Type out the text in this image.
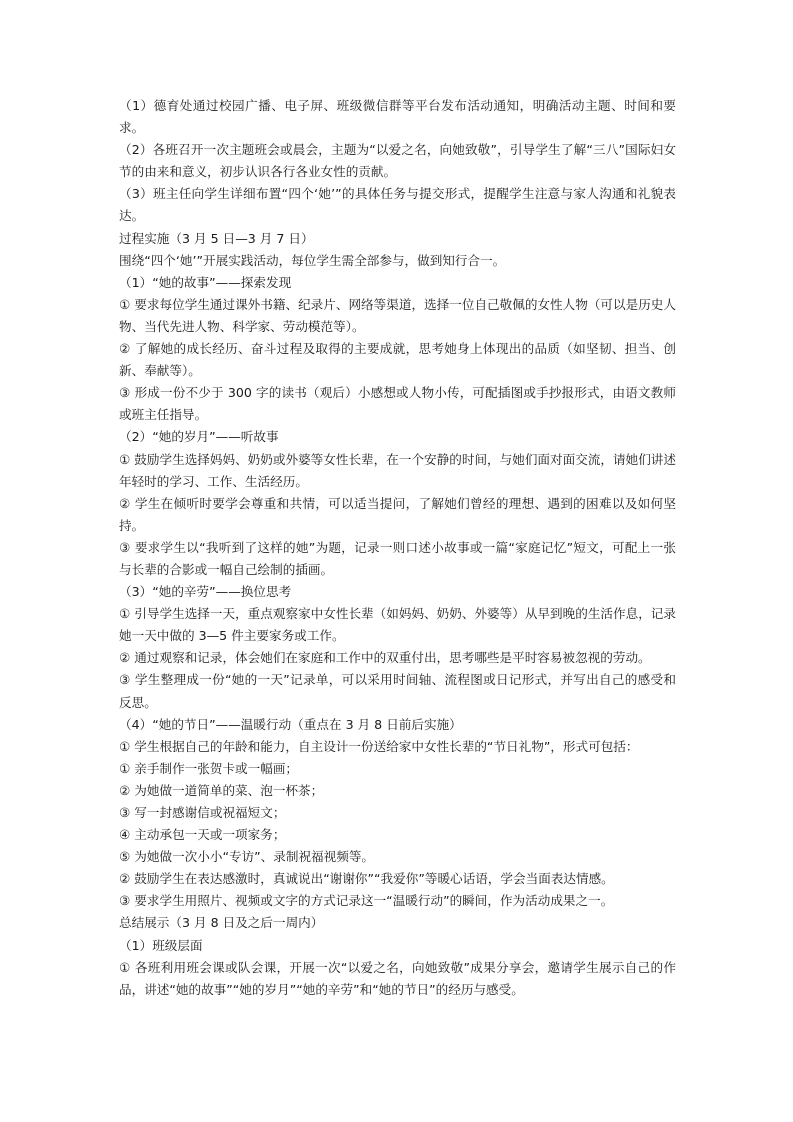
（1）德育处通过校园广播、电子屏、班级微信群等平台发布活动通知，明确活动主题、时间和要求。

（2）各班召开一次主题班会或晨会，主题为“以爱之名，向她致敬”，引导学生了解“三八”国际妇女节的由来和意义，初步认识各行各业女性的贡献。

（3）班主任向学生详细布置“四个‘她’”的具体任务与提交形式，提醒学生注意与家人沟通和礼貌表达。

过程实施（3 月 5 日—3 月 7 日）

围绕“四个‘她’”开展实践活动，每位学生需全部参与，做到知行合一。

（1）“她的故事”——探索发现

① 要求每位学生通过课外书籍、纪录片、网络等渠道，选择一位自己敬佩的女性人物（可以是历史人物、当代先进人物、科学家、劳动模范等）。

② 了解她的成长经历、奋斗过程及取得的主要成就，思考她身上体现出的品质（如坚韧、担当、创新、奉献等）。

③ 形成一份不少于 300 字的读书（观后）小感想或人物小传，可配插图或手抄报形式，由语文教师或班主任指导。

（2）“她的岁月”——听故事

① 鼓励学生选择妈妈、奶奶或外婆等女性长辈，在一个安静的时间，与她们面对面交流，请她们讲述年轻时的学习、工作、生活经历。

② 学生在倾听时要学会尊重和共情，可以适当提问，了解她们曾经的理想、遇到的困难以及如何坚持。

③ 要求学生以“我听到了这样的她”为题，记录一则口述小故事或一篇“家庭记忆”短文，可配上一张与长辈的合影或一幅自己绘制的插画。

（3）“她的辛劳”——换位思考

① 引导学生选择一天，重点观察家中女性长辈（如妈妈、奶奶、外婆等）从早到晚的生活作息，记录她一天中做的 3—5 件主要家务或工作。

② 通过观察和记录，体会她们在家庭和工作中的双重付出，思考哪些是平时容易被忽视的劳动。

③ 学生整理成一份“她的一天”记录单，可以采用时间轴、流程图或日记形式，并写出自己的感受和反思。

（4）“她的节日”——温暖行动（重点在 3 月 8 日前后实施）

① 学生根据自己的年龄和能力，自主设计一份送给家中女性长辈的“节日礼物”，形式可包括：

① 亲手制作一张贺卡或一幅画；

② 为她做一道简单的菜、泡一杯茶；

③ 写一封感谢信或祝福短文；

④ 主动承包一天或一项家务；

⑤ 为她做一次小小“专访”、录制祝福视频等。

② 鼓励学生在表达感激时，真诚说出“谢谢你”“我爱你”等暖心话语，学会当面表达情感。

③ 要求学生用照片、视频或文字的方式记录这一“温暖行动”的瞬间，作为活动成果之一。

总结展示（3 月 8 日及之后一周内）

（1）班级层面

① 各班利用班会课或队会课，开展一次“以爱之名，向她致敬”成果分享会，邀请学生展示自己的作品，讲述“她的故事”“她的岁月”“她的辛劳”和“她的节日”的经历与感受。
